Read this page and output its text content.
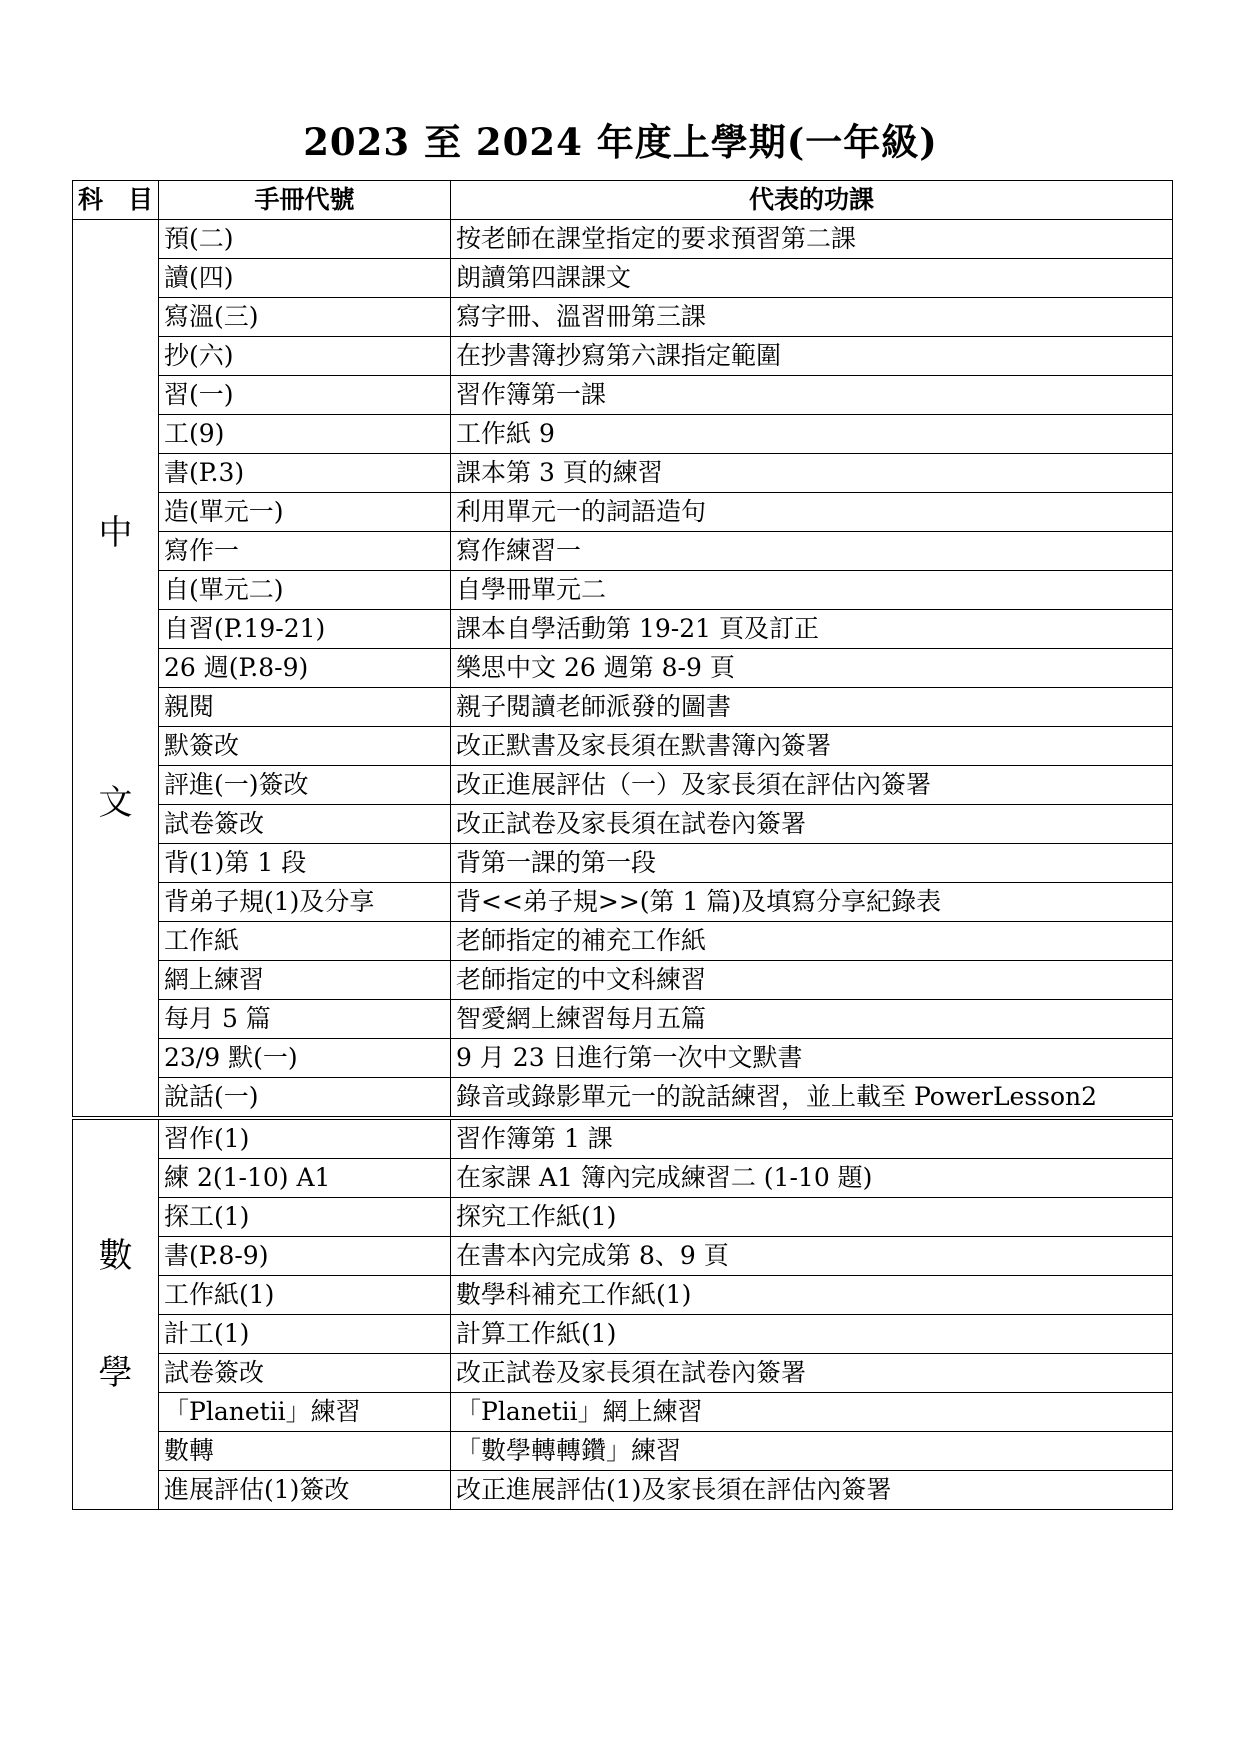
2023 至 2024 年度上學期(一年級)
科　目	手冊代號	代表的功課

中
文	預(二)	按老師在課堂指定的要求預習第二課
	讀(四)	朗讀第四課課文
	寫溫(三)	寫字冊、溫習冊第三課
	抄(六)	在抄書簿抄寫第六課指定範圍
	習(一)	習作簿第一課
	工(9)	工作紙 9
	書(P.3)	課本第 3 頁的練習
	造(單元一)	利用單元一的詞語造句
	寫作一	寫作練習一
	自(單元二)	自學冊單元二
	自習(P.19-21)	課本自學活動第 19-21 頁及訂正
	26 週(P.8-9)	樂思中文 26 週第 8-9 頁
	親閱	親子閱讀老師派發的圖書
	默簽改	改正默書及家長須在默書簿內簽署
	評進(一)簽改	改正進展評估（一）及家長須在評估內簽署
	試卷簽改	改正試卷及家長須在試卷內簽署
	背(1)第 1 段	背第一課的第一段
	背弟子規(1)及分享	背<<弟子規>>(第 1 篇)及填寫分享紀錄表
	工作紙	老師指定的補充工作紙
	網上練習	老師指定的中文科練習
	每月 5 篇	智愛網上練習每月五篇
	23/9 默(一)	9 月 23 日進行第一次中文默書
	說話(一)	錄音或錄影單元一的說話練習，並上載至 PowerLesson2

數
學	習作(1)	習作簿第 1 課
	練 2(1-10) A1	在家課 A1 簿內完成練習二 (1-10 題)
	探工(1)	探究工作紙(1)
	書(P.8-9)	在書本內完成第 8、9 頁
	工作紙(1)	數學科補充工作紙(1)
	計工(1)	計算工作紙(1)
	試卷簽改	改正試卷及家長須在試卷內簽署
	「Planetii」練習	「Planetii」網上練習
	數轉	「數學轉轉鑽」練習
	進展評估(1)簽改	改正進展評估(1)及家長須在評估內簽署
